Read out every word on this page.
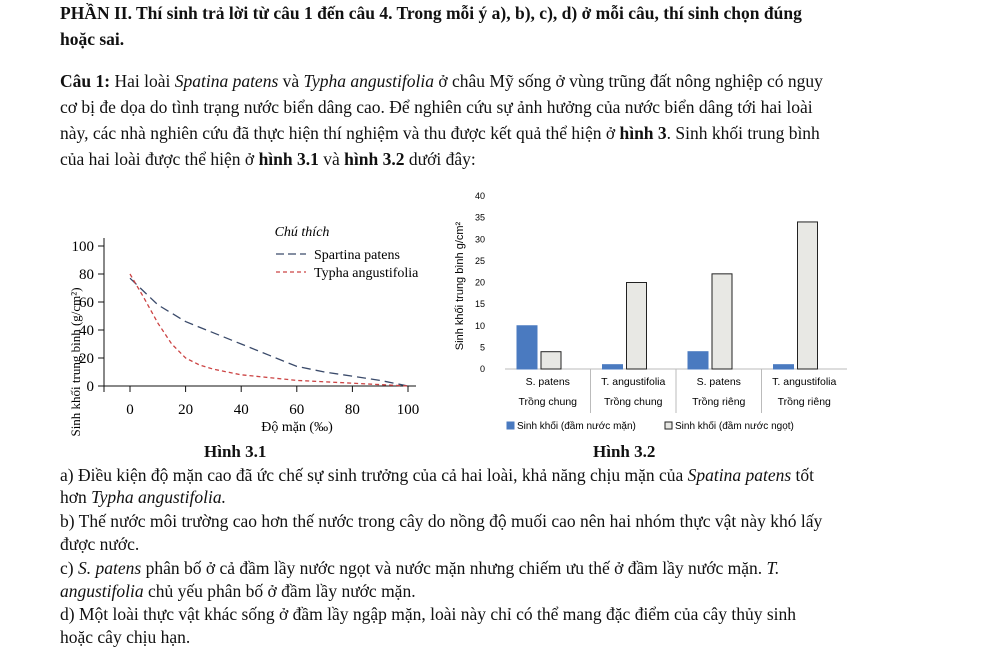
PHẦN II. Thí sinh trả lời từ câu 1 đến câu 4. Trong mỗi ý a), b), c), d) ở mỗi câu, thí sinh chọn đúng
hoặc sai.
Câu 1: Hai loài Spatina patens và Typha angustifolia ở châu Mỹ sống ở vùng trũng đất nông nghiệp có nguy
cơ bị đe dọa do tình trạng nước biển dâng cao. Để nghiên cứu sự ảnh hưởng của nước biển dâng tới hai loài
này, các nhà nghiên cứu đã thực hiện thí nghiệm và thu được kết quả thể hiện ở hình 3. Sinh khối trung bình
của hai loài được thể hiện ở hình 3.1 và hình 3.2 dưới đây:
Sinh khối trung bình (g/cm²)	Độ mặn (‰)
Chú thích
Spartina patens
Typha angustifolia
0	20	40	60	80 100
0
20
40
60
80
100	Sinh khối trung bình g/cm²
0
5
10
15
20
25
30
35
40
S. patens
Trồng chung
T. angustifolia
Trồng chung
S. patens
Trồng riêng
T. angustifolia
Trồng riêng
Sinh khối (đầm nước mặn)	Sinh khối (đầm nước ngọt)
Hình 3.1	Hình 3.2
a) Điều kiện độ mặn cao đã ức chế sự sinh trưởng của cả hai loài, khả năng chịu mặn của Spatina patens tốt
hơn Typha angustifolia.
b) Thế nước môi trường cao hơn thế nước trong cây do nồng độ muối cao nên hai nhóm thực vật này khó lấy
được nước.
c) S. patens phân bố ở cả đầm lầy nước ngọt và nước mặn nhưng chiếm ưu thế ở đầm lầy nước mặn. T.
angustifolia chủ yếu phân bố ở đầm lầy nước mặn.
d) Một loài thực vật khác sống ở đầm lầy ngập mặn, loài này chỉ có thể mang đặc điểm của cây thủy sinh
hoặc cây chịu hạn.
